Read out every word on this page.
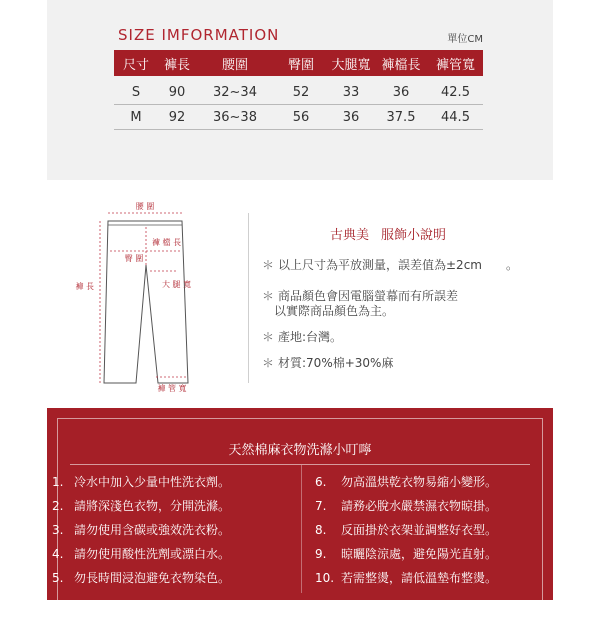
SIZE IMFORMATION	單位CM
尺寸	褲長	腰圍	臀圍	大腿寬	褲檔長	褲管寬
S	90	32~34	52	33	36	42.5
M	92	36~38	56	36	37.5	44.5
腰 圍
褲 檔 長
臀 圍
褲 長	大 腿 寬
褲 管 寬
古典美 服飾小說明
＊ 以上尺寸為平放測量，誤差值為±2cm　　。
＊ 商品顏色會因電腦螢幕而有所誤差
以實際商品顏色為主。
＊ 產地:台灣。
＊ 材質:70%棉+30%麻
天然棉麻衣物洗滌小叮嚀
1. 冷水中加入少量中性洗衣劑。
2. 請將深淺色衣物，分開洗滌。
3. 請勿使用含碳或強效洗衣粉。
4. 請勿使用酸性洗劑或漂白水。
5. 勿長時間浸泡避免衣物染色。
6. 勿高溫烘乾衣物易縮小變形。
7. 請務必脫水嚴禁濕衣物晾掛。
8. 反面掛於衣架並調整好衣型。
9. 晾曬陰涼處，避免陽光直射。
10. 若需整燙，請低溫墊布整燙。
